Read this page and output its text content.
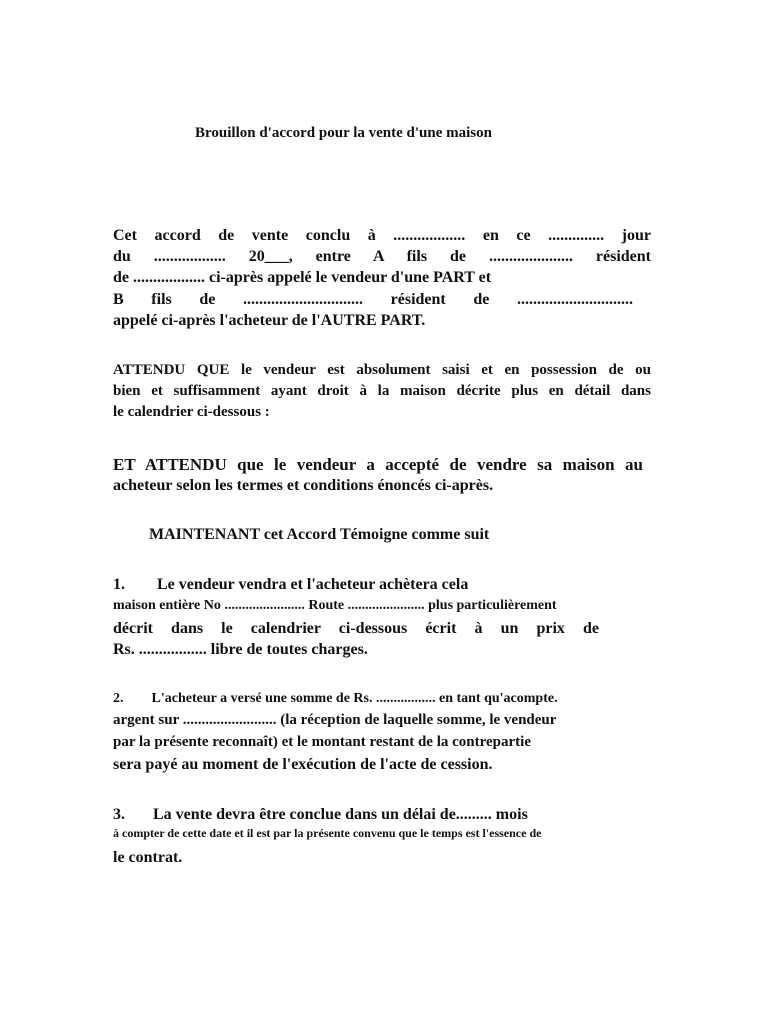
Brouillon d'accord pour la vente d'une maison
Cet accord de vente conclu à .................. en ce .............. jour
du .................. 20___, entre A fils de ..................... résident
de .................. ci-après appelé le vendeur d'une PART et
B fils de .............................. résident de .............................
appelé ci-après l'acheteur de l'AUTRE PART.
ATTENDU QUE le vendeur est absolument saisi et en possession de ou
bien et suffisamment ayant droit à la maison décrite plus en détail dans
le calendrier ci-dessous :
ET ATTENDU que le vendeur a accepté de vendre sa maison au
acheteur selon les termes et conditions énoncés ci-après.
MAINTENANT cet Accord Témoigne comme suit
1.        Le vendeur vendra et l'acheteur achètera cela
maison entière No ....................... Route ...................... plus particulièrement
décrit dans le calendrier ci-dessous écrit à un prix de
Rs. ................. libre de toutes charges.
2.        L'acheteur a versé une somme de Rs. ................. en tant qu'acompte.
argent sur ......................... (la réception de laquelle somme, le vendeur
par la présente reconnaît) et le montant restant de la contrepartie
sera payé au moment de l'exécution de l'acte de cession.
3.       La vente devra être conclue dans un délai de......... mois
à compter de cette date et il est par la présente convenu que le temps est l'essence de
le contrat.
